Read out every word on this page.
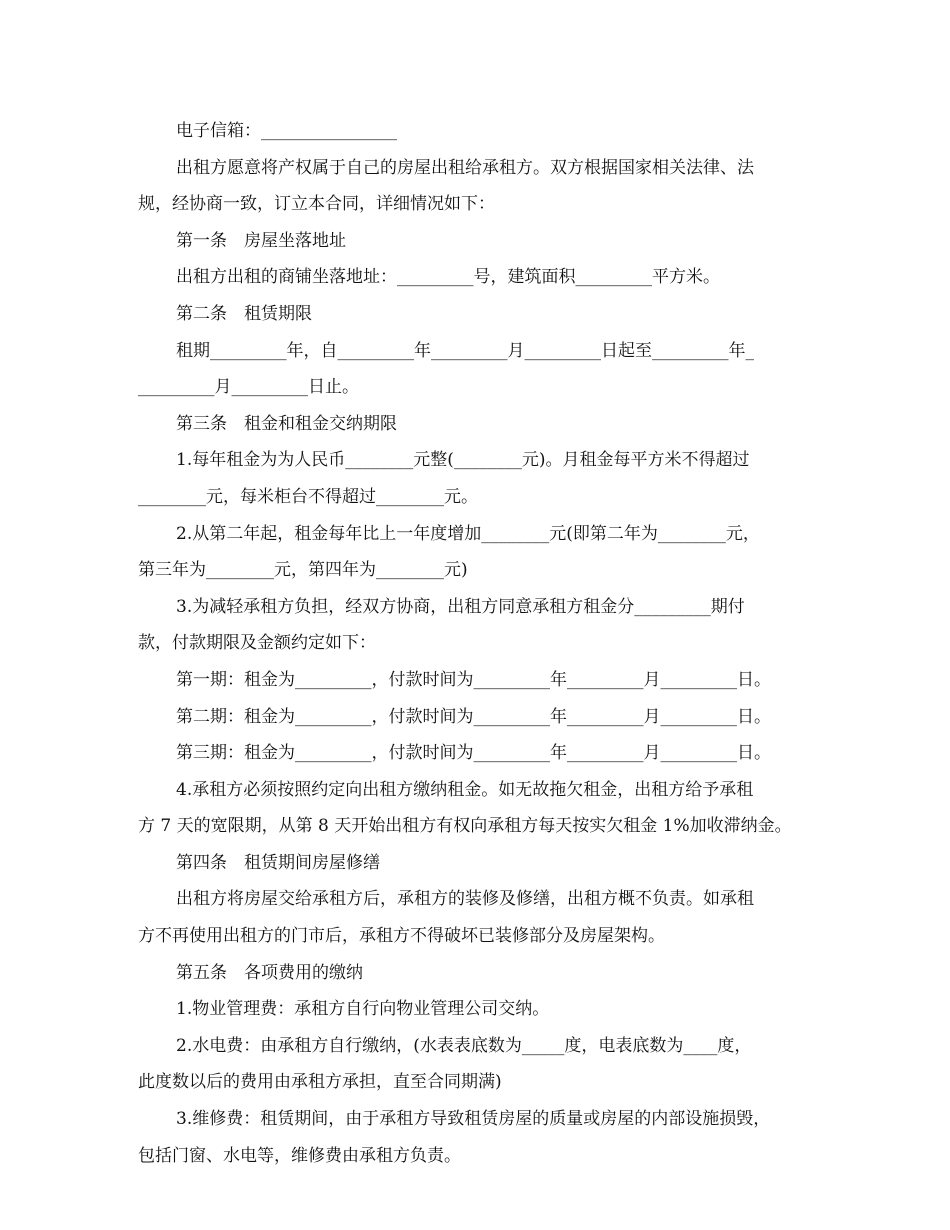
电子信箱：________________
出租方愿意将产权属于自己的房屋出租给承租方。双方根据国家相关法律、法
规，经协商一致，订立本合同，详细情况如下：
第一条　房屋坐落地址
出租方出租的商铺坐落地址：_________号，建筑面积_________平方米。
第二条　租赁期限
租期_________年，自_________年_________月_________日起至_________年_
_________月_________日止。
第三条　租金和租金交纳期限
1.每年租金为为人民币________元整(________元)。月租金每平方米不得超过
________元，每米柜台不得超过________元。
2.从第二年起，租金每年比上一年度增加________元(即第二年为________元，
第三年为________元，第四年为________元)
3.为减轻承租方负担，经双方协商，出租方同意承租方租金分_________期付
款，付款期限及金额约定如下：
第一期：租金为_________，付款时间为_________年_________月_________日。
第二期：租金为_________，付款时间为_________年_________月_________日。
第三期：租金为_________，付款时间为_________年_________月_________日。
4.承租方必须按照约定向出租方缴纳租金。如无故拖欠租金，出租方给予承租
方 7 天的宽限期，从第 8 天开始出租方有权向承租方每天按实欠租金 1%加收滞纳金。
第四条　租赁期间房屋修缮
出租方将房屋交给承租方后，承租方的装修及修缮，出租方概不负责。如承租
方不再使用出租方的门市后，承租方不得破坏已装修部分及房屋架构。
第五条　各项费用的缴纳
1.物业管理费：承租方自行向物业管理公司交纳。
2.水电费：由承租方自行缴纳，(水表表底数为_____度，电表底数为____度，
此度数以后的费用由承租方承担，直至合同期满)
3.维修费：租赁期间，由于承租方导致租赁房屋的质量或房屋的内部设施损毁，
包括门窗、水电等，维修费由承租方负责。
